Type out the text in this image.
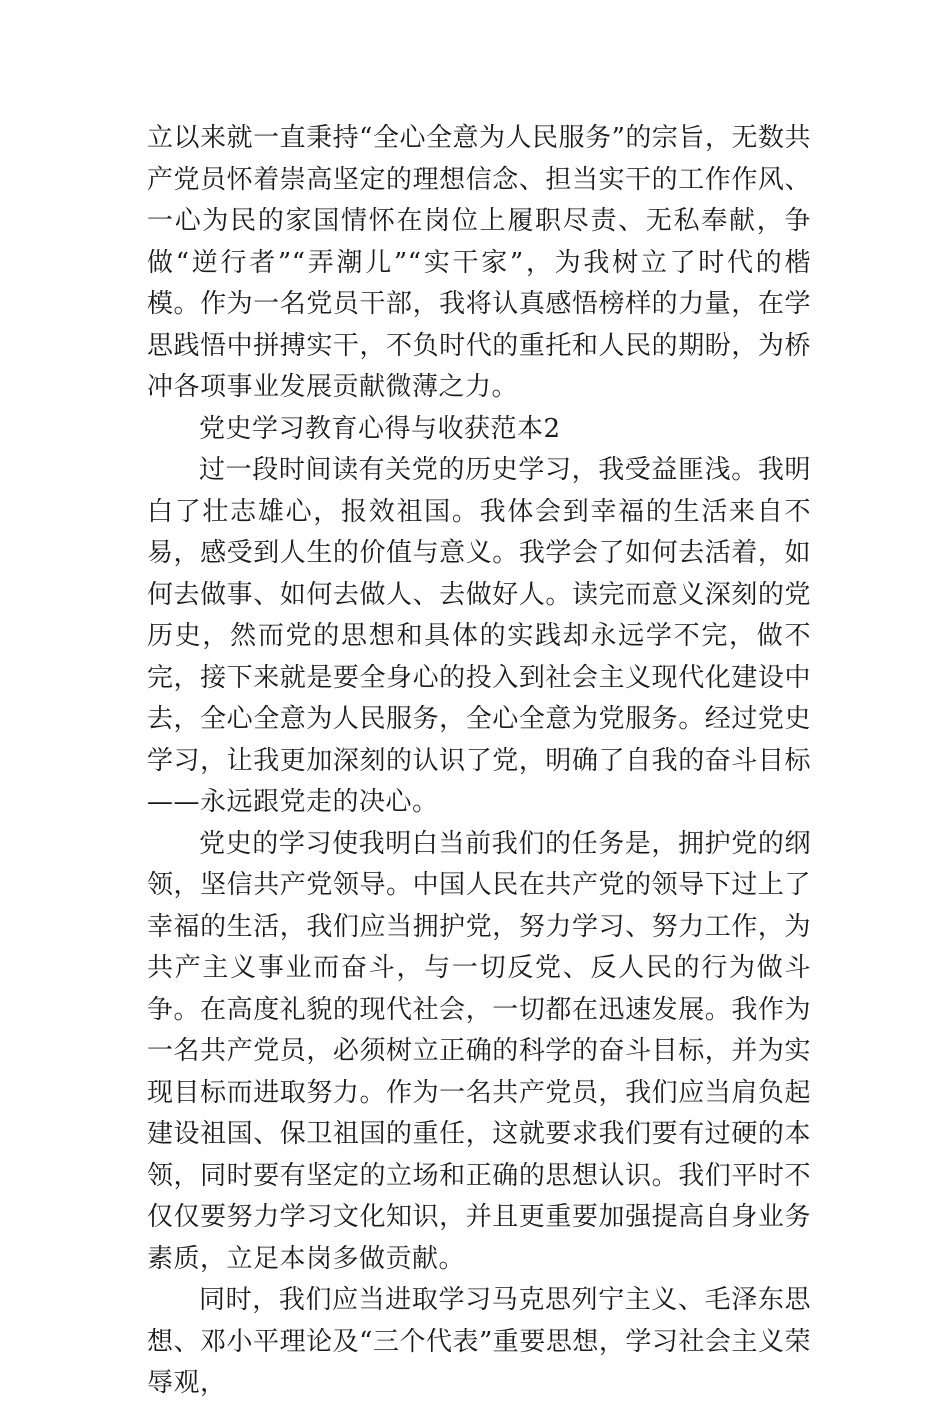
立以来就一直秉持“全心全意为人民服务”的宗旨，无数共产党员怀着崇高坚定的理想信念、担当实干的工作作风、一心为民的家国情怀在岗位上履职尽责、无私奉献，争做“逆行者”“弄潮儿”“实干家”，为我树立了时代的楷模。作为一名党员干部，我将认真感悟榜样的力量，在学思践悟中拼搏实干，不负时代的重托和人民的期盼，为桥冲各项事业发展贡献微薄之力。

党史学习教育心得与收获范本2

过一段时间读有关党的历史学习，我受益匪浅。我明白了壮志雄心，报效祖国。我体会到幸福的生活来自不易，感受到人生的价值与意义。我学会了如何去活着，如何去做事、如何去做人、去做好人。读完而意义深刻的党历史，然而党的思想和具体的实践却永远学不完，做不完，接下来就是要全身心的投入到社会主义现代化建设中去，全心全意为人民服务，全心全意为党服务。经过党史学习，让我更加深刻的认识了党，明确了自我的奋斗目标——永远跟党走的决心。

党史的学习使我明白当前我们的任务是，拥护党的纲领，坚信共产党领导。中国人民在共产党的领导下过上了幸福的生活，我们应当拥护党，努力学习、努力工作，为共产主义事业而奋斗，与一切反党、反人民的行为做斗争。在高度礼貌的现代社会，一切都在迅速发展。我作为一名共产党员，必须树立正确的科学的奋斗目标，并为实现目标而进取努力。作为一名共产党员，我们应当肩负起建设祖国、保卫祖国的重任，这就要求我们要有过硬的本领，同时要有坚定的立场和正确的思想认识。我们平时不仅仅要努力学习文化知识，并且更重要加强提高自身业务素质，立足本岗多做贡献。

同时，我们应当进取学习马克思列宁主义、毛泽东思想、邓小平理论及“三个代表”重要思想，学习社会主义荣辱观，
